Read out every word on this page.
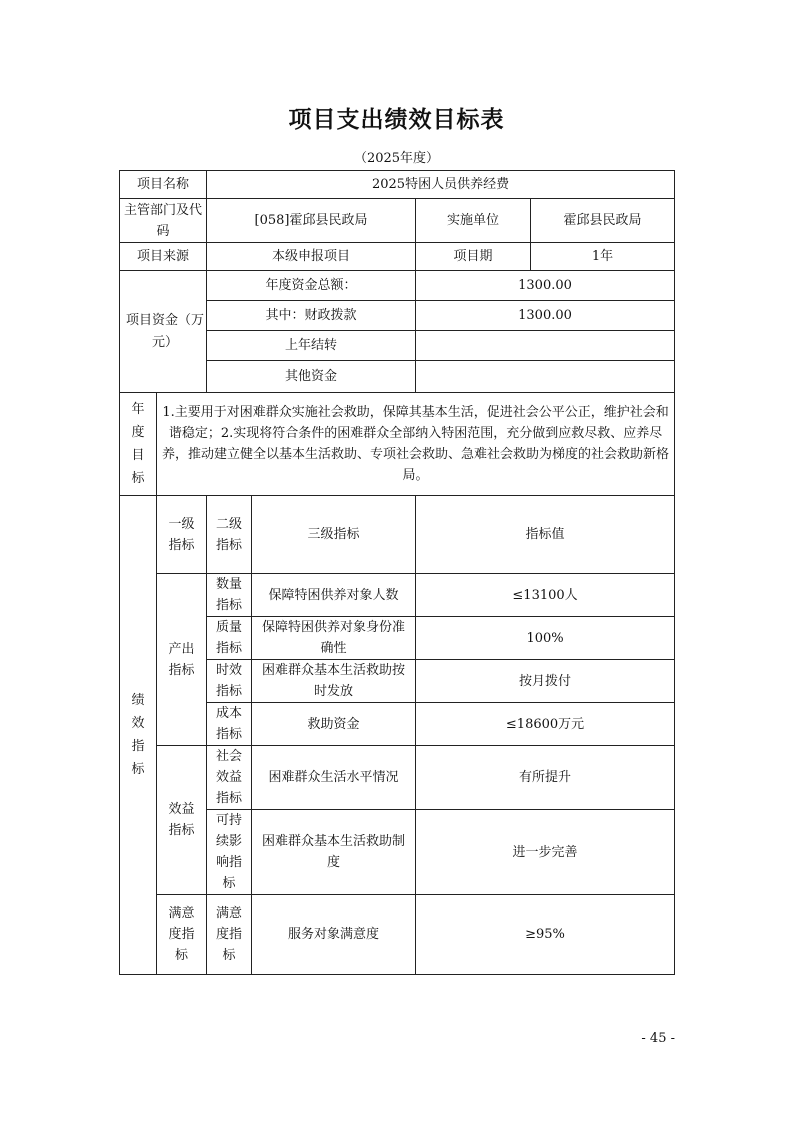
项目支出绩效目标表
（2025年度）
项目名称		2025特困人员供养经费			
主管部门及代码		[058]霍邱县民政局		实施单位	霍邱县民政局
项目来源		本级申报项目		项目期	1年

项目资金（万元）		年度资金总额：		1300.00	
		其中：财政拨款		1300.00	
		上年结转			
		其他资金			

年度目标	1.主要用于对困难群众实施社会救助，保障其基本生活，促进社会公平公正，维护社会和谐稳定；2.实现将符合条件的困难群众全部纳入特困范围，充分做到应救尽救、应养尽养，推动建立健全以基本生活救助、专项社会救助、急难社会救助为梯度的社会救助新格局。				

绩效指标	一级指标	二级指标	三级指标	指标值	

	产出指标	数量指标	保障特困供养对象人数	≤13100人	

		质量指标	保障特困供养对象身份准确性	100%	

		时效指标	困难群众基本生活救助按时发放	按月拨付	

		成本指标	救助资金	≤18600万元	

	效益指标	社会效益指标	困难群众生活水平情况	有所提升	

		可持续影响指标	困难群众基本生活救助制度	进一步完善	

	满意度指标	满意度指标	服务对象满意度	≥95%	
- 45 -
